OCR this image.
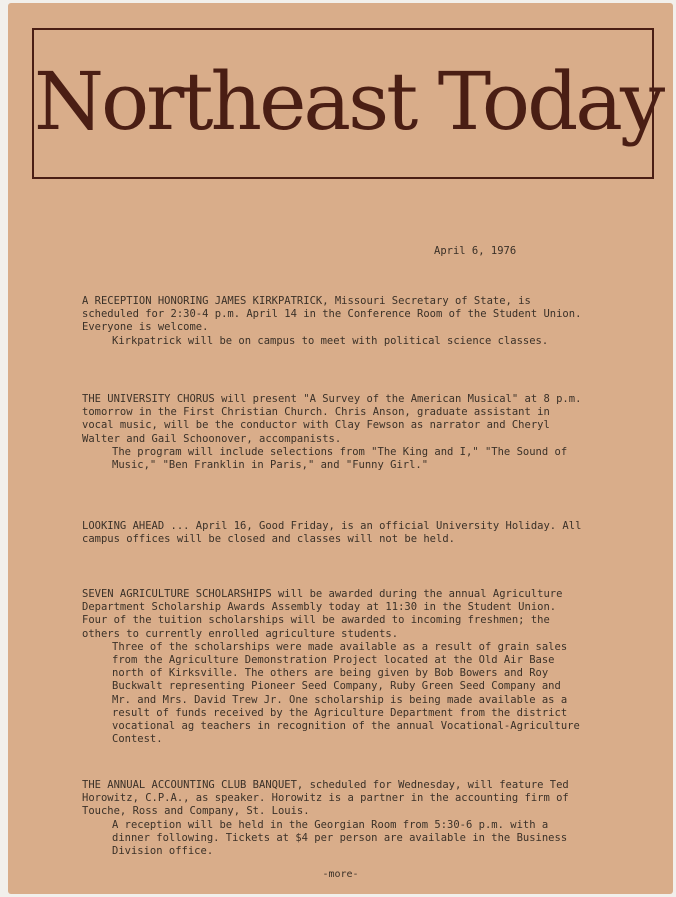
Northeast Today
April 6, 1976

A RECEPTION HONORING JAMES KIRKPATRICK, Missouri Secretary of State, is scheduled for 2:30-4 p.m. April 14 in the Conference Room of the Student Union. Everyone is welcome.

Kirkpatrick will be on campus to meet with political science classes.

THE UNIVERSITY CHORUS will present "A Survey of the American Musical" at 8 p.m. tomorrow in the First Christian Church. Chris Anson, graduate assistant in vocal music, will be the conductor with Clay Fewson as narrator and Cheryl Walter and Gail Schoonover, accompanists.

The program will include selections from "The King and I," "The Sound of Music," "Ben Franklin in Paris," and "Funny Girl."

LOOKING AHEAD ... April 16, Good Friday, is an official University Holiday. All campus offices will be closed and classes will not be held.

SEVEN AGRICULTURE SCHOLARSHIPS will be awarded during the annual Agriculture Department Scholarship Awards Assembly today at 11:30 in the Student Union. Four of the tuition scholarships will be awarded to incoming freshmen; the others to currently enrolled agriculture students.

Three of the scholarships were made available as a result of grain sales from the Agriculture Demonstration Project located at the Old Air Base north of Kirksville. The others are being given by Bob Bowers and Roy Buckwalt representing Pioneer Seed Company, Ruby Green Seed Company and Mr. and Mrs. David Trew Jr. One scholarship is being made available as a result of funds received by the Agriculture Department from the district vocational ag teachers in recognition of the annual Vocational-Agriculture Contest.

THE ANNUAL ACCOUNTING CLUB BANQUET, scheduled for Wednesday, will feature Ted Horowitz, C.P.A., as speaker. Horowitz is a partner in the accounting firm of Touche, Ross and Company, St. Louis.

A reception will be held in the Georgian Room from 5:30-6 p.m. with a dinner following. Tickets at $4 per person are available in the Business Division office.

-more-
